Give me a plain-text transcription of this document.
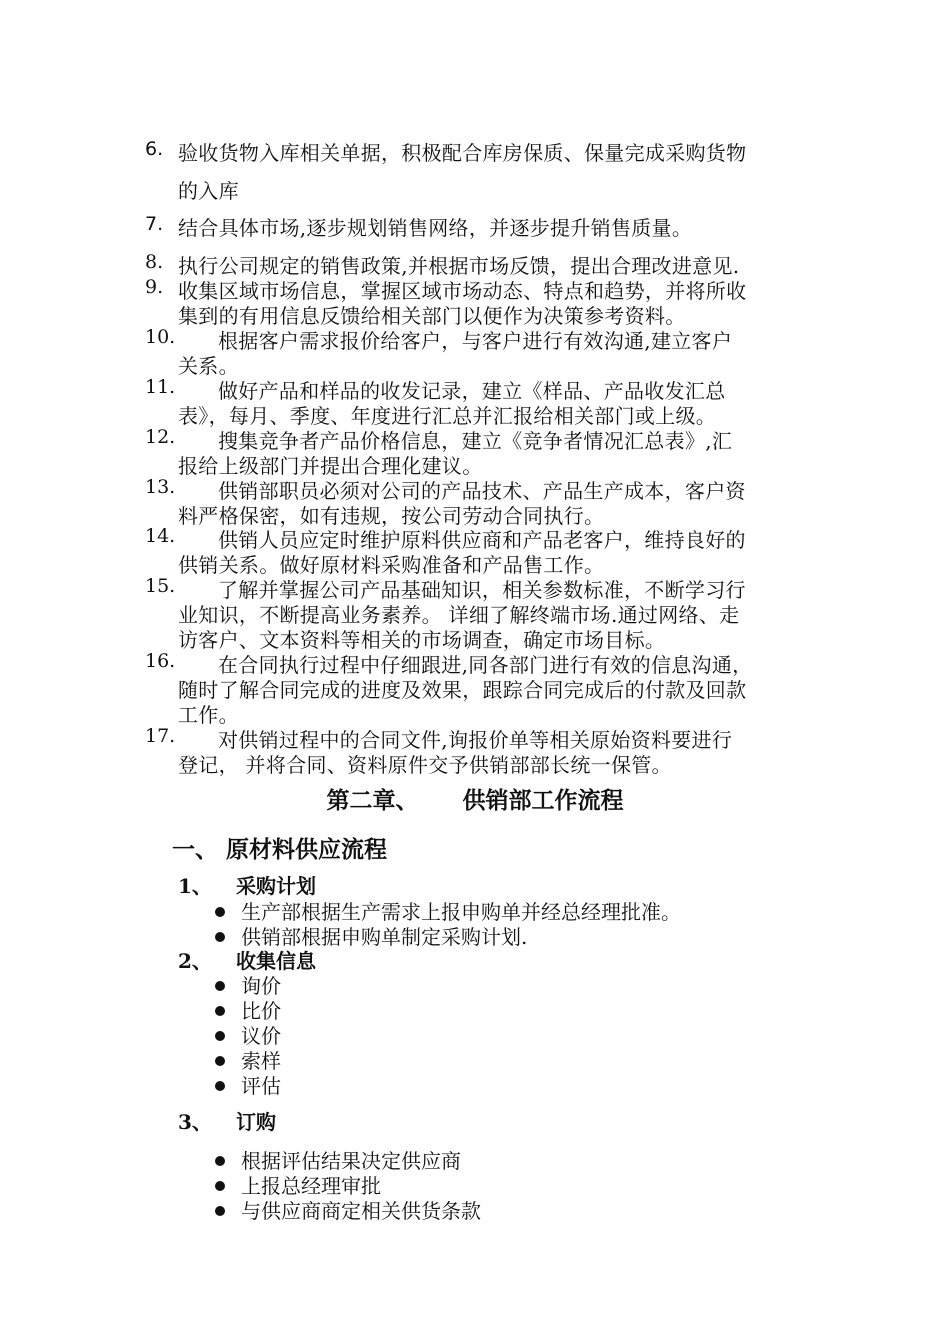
6. 验收货物入库相关单据，积极配合库房保质、保量完成采购货物
的入库
7. 结合具体市场,逐步规划销售网络，并逐步提升销售质量。
8. 执行公司规定的销售政策,并根据市场反馈，提出合理改进意见.
9. 收集区域市场信息，掌握区域市场动态、特点和趋势，并将所收
集到的有用信息反馈给相关部门以便作为决策参考资料。
10. 根据客户需求报价给客户，与客户进行有效沟通,建立客户
关系。
11. 做好产品和样品的收发记录，建立《样品、产品收发汇总
表》，每月、季度、年度进行汇总并汇报给相关部门或上级。
12. 搜集竞争者产品价格信息，建立《竞争者情况汇总表》,汇
报给上级部门并提出合理化建议。
13. 供销部职员必须对公司的产品技术、产品生产成本，客户资
料严格保密，如有违规，按公司劳动合同执行。
14. 供销人员应定时维护原料供应商和产品老客户，维持良好的
供销关系。做好原材料采购准备和产品售工作。
15. 了解并掌握公司产品基础知识，相关参数标准，不断学习行
业知识，不断提高业务素养。 详细了解终端市场.通过网络、走
访客户、文本资料等相关的市场调查，确定市场目标。
16. 在合同执行过程中仔细跟进,同各部门进行有效的信息沟通，
随时了解合同完成的进度及效果，跟踪合同完成后的付款及回款
工作。
17. 对供销过程中的合同文件,询报价单等相关原始资料要进行
登记， 并将合同、资料原件交予供销部部长统一保管。
第二章、 供销部工作流程
一、 原材料供应流程
1、 采购计划
生产部根据生产需求上报申购单并经总经理批准。
供销部根据申购单制定采购计划.
2、 收集信息
询价
比价
议价
索样
评估
3、 订购
根据评估结果决定供应商
上报总经理审批
与供应商商定相关供货条款
